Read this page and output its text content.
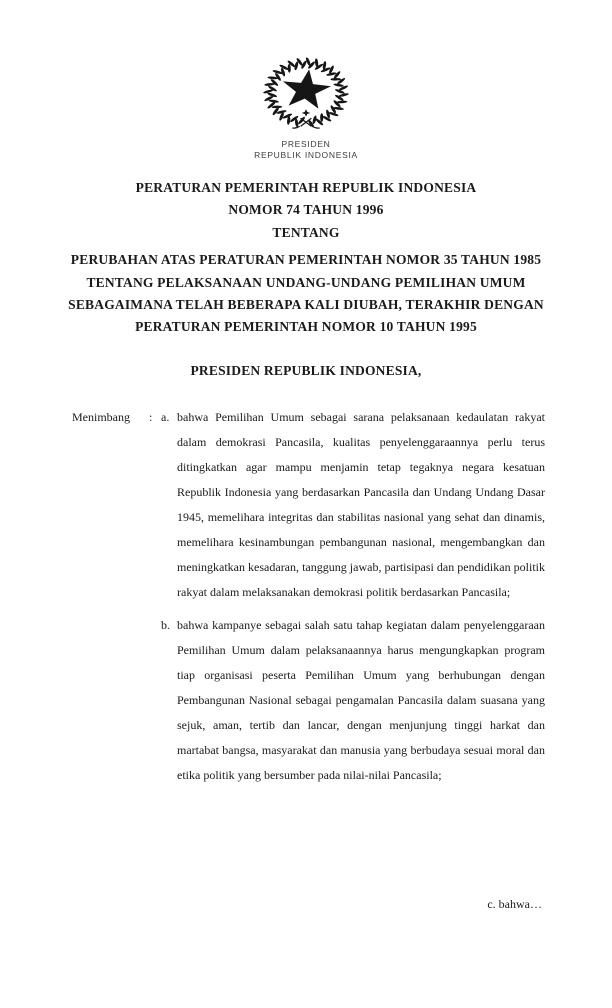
PRESIDEN
REPUBLIK INDONESIA
PERATURAN PEMERINTAH REPUBLIK INDONESIA
NOMOR 74 TAHUN 1996
TENTANG
PERUBAHAN ATAS PERATURAN PEMERINTAH NOMOR 35 TAHUN 1985
TENTANG PELAKSANAAN UNDANG-UNDANG PEMILIHAN UMUM
SEBAGAIMANA TELAH BEBERAPA KALI DIUBAH, TERAKHIR DENGAN
PERATURAN PEMERINTAH NOMOR 10 TAHUN 1995
PRESIDEN REPUBLIK INDONESIA,
Menimbang	: a. bahwa Pemilihan Umum sebagai sarana pelaksanaan kedaulatan rakyat dalam demokrasi Pancasila, kualitas penyelenggaraannya perlu terus ditingkatkan agar mampu menjamin tetap tegaknya negara kesatuan Republik Indonesia yang berdasarkan Pancasila dan Undang Undang Dasar 1945, memelihara integritas dan stabilitas nasional yang sehat dan dinamis, memelihara kesinambungan pembangunan nasional, mengembangkan dan meningkatkan kesadaran, tanggung jawab, partisipasi dan pendidikan politik rakyat dalam melaksanakan demokrasi politik berdasarkan Pancasila;
b. bahwa kampanye sebagai salah satu tahap kegiatan dalam penyelenggaraan Pemilihan Umum dalam pelaksanaannya harus mengungkapkan program tiap organisasi peserta Pemilihan Umum yang berhubungan dengan Pembangunan Nasional sebagai pengamalan Pancasila dalam suasana yang sejuk, aman, tertib dan lancar, dengan menjunjung tinggi harkat dan martabat bangsa, masyarakat dan manusia yang berbudaya sesuai moral dan etika politik yang bersumber pada nilai-nilai Pancasila;
c. bahwa…
